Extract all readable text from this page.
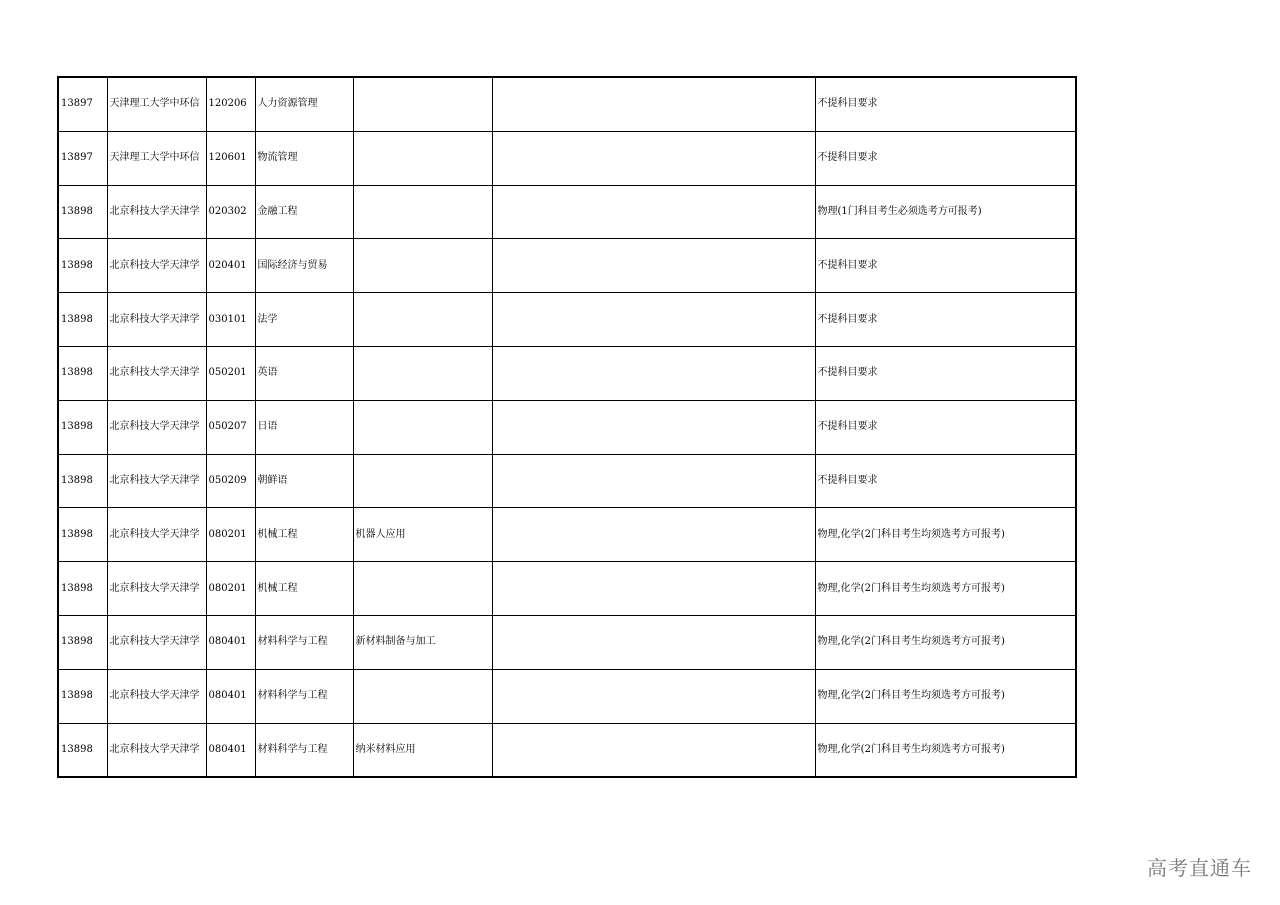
13897	天津理工大学中环信	120206	人力资源管理			不提科目要求
13897	天津理工大学中环信	120601	物流管理			不提科目要求
13898	北京科技大学天津学	020302	金融工程			物理(1门科目考生必须选考方可报考)
13898	北京科技大学天津学	020401	国际经济与贸易			不提科目要求
13898	北京科技大学天津学	030101	法学			不提科目要求
13898	北京科技大学天津学	050201	英语			不提科目要求
13898	北京科技大学天津学	050207	日语			不提科目要求
13898	北京科技大学天津学	050209	朝鲜语			不提科目要求
13898	北京科技大学天津学	080201	机械工程	机器人应用		物理,化学(2门科目考生均须选考方可报考)
13898	北京科技大学天津学	080201	机械工程			物理,化学(2门科目考生均须选考方可报考)
13898	北京科技大学天津学	080401	材料科学与工程	新材料制备与加工		物理,化学(2门科目考生均须选考方可报考)
13898	北京科技大学天津学	080401	材料科学与工程			物理,化学(2门科目考生均须选考方可报考)
13898	北京科技大学天津学	080401	材料科学与工程	纳米材料应用		物理,化学(2门科目考生均须选考方可报考)
高考直通车
